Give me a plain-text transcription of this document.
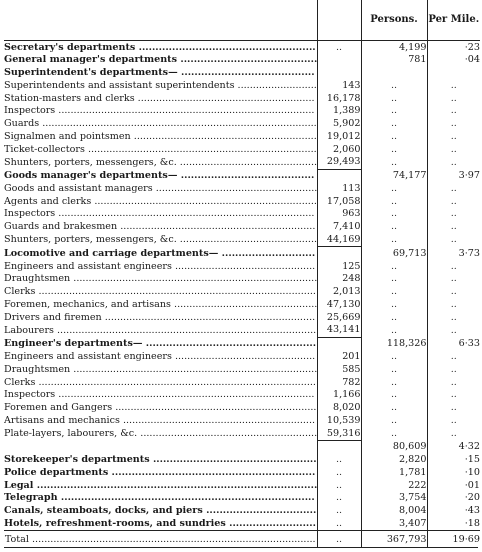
		Persons.	Per Mile.
Secretary's departments .....................................................	..	4,199	·23
General manager's departments .........................................		781	·04
Superintendent's departments— ........................................			
Superintendents and assistant superintendents ..........................	143	..	..
Station-masters and clerks ..........................................................	16,178	..	..
Inspectors ....................................................................................	1,389	..	..
Guards ..........................................................................................	5,902	..	..
Signalmen and pointsmen ............................................................	19,012	..	..
Ticket-collectors ...........................................................................	2,060	..	..
Shunters, porters, messengers, &c. .............................................	29,493	..	..
Goods manager's departments— ........................................		74,177	3·97
Goods and assistant managers .....................................................	113	..	..
Agents and clerks .........................................................................	17,058	..	..
Inspectors ....................................................................................	963	..	..
Guards and brakesmen ................................................................	7,410	..	..
Shunters, porters, messengers, &c. .............................................	44,169	..	..
Locomotive and carriage departments— ............................		69,713	3·73
Engineers and assistant engineers ..............................................	125	..	..
Draughtsmen ................................................................................	248	..	..
Clerks ...........................................................................................	2,013	..	..
Foremen, mechanics, and artisans ...............................................	47,130	..	..
Drivers and firemen .....................................................................	25,669	..	..
Labourers .....................................................................................	43,141	..	..
Engineer's departments— ...................................................		118,326	6·33
Engineers and assistant engineers ..............................................	201	..	..
Draughtsmen ................................................................................	585	..	..
Clerks ...........................................................................................	782	..	..
Inspectors ....................................................................................	1,166	..	..
Foremen and Gangers ..................................................................	8,020	..	..
Artisans and mechanics ...............................................................	10,539	..	..
Plate-layers, labourers, &c. ..........................................................	59,316	..	..
		80,609	4·32
Storekeeper's departments .................................................	..	2,820	·15
Police departments .............................................................	..	1,781	·10
Legal ....................................................................................	..	222	·01
Telegraph ............................................................................	..	3,754	·20
Canals, steamboats, docks, and piers .................................	..	8,004	·43
Hotels, refreshment-rooms, and sundries ..........................	..	3,407	·18
Total .............................................................................................	..	367,793	19·69
